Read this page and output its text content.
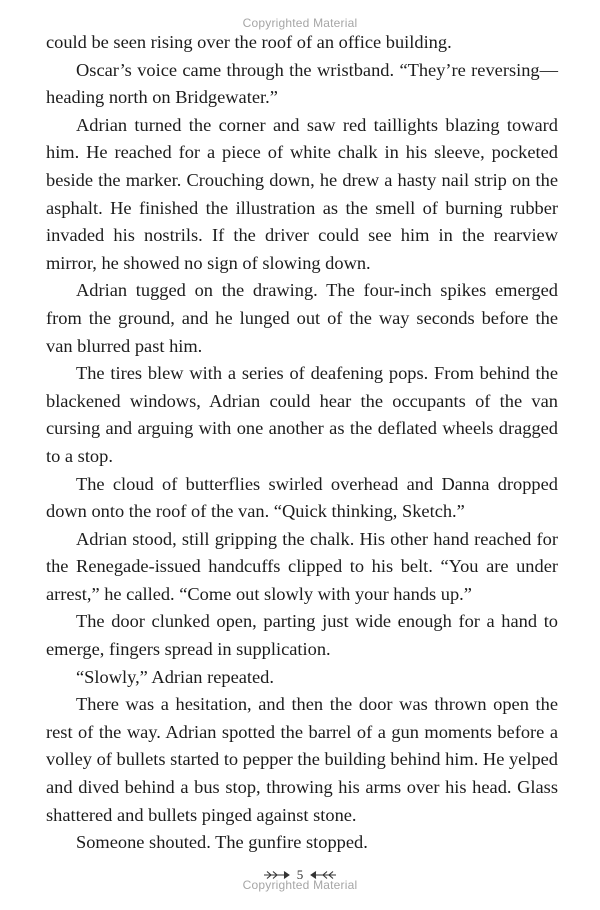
Copyrighted Material

could be seen rising over the roof of an office building.

Oscar’s voice came through the wristband. “They’re reversing—heading north on Bridgewater.”

Adrian turned the corner and saw red taillights blazing toward him. He reached for a piece of white chalk in his sleeve, pocketed beside the marker. Crouching down, he drew a hasty nail strip on the asphalt. He finished the illustration as the smell of burning rubber invaded his nostrils. If the driver could see him in the rearview mirror, he showed no sign of slowing down.

Adrian tugged on the drawing. The four-inch spikes emerged from the ground, and he lunged out of the way seconds before the van blurred past him.

The tires blew with a series of deafening pops. From behind the blackened windows, Adrian could hear the occupants of the van cursing and arguing with one another as the deflated wheels dragged to a stop.

The cloud of butterflies swirled overhead and Danna dropped down onto the roof of the van. “Quick thinking, Sketch.”

Adrian stood, still gripping the chalk. His other hand reached for the Renegade-issued handcuffs clipped to his belt. “You are under arrest,” he called. “Come out slowly with your hands up.”

The door clunked open, parting just wide enough for a hand to emerge, fingers spread in supplication.

“Slowly,” Adrian repeated.

There was a hesitation, and then the door was thrown open the rest of the way. Adrian spotted the barrel of a gun moments before a volley of bullets started to pepper the building behind him. He yelped and dived behind a bus stop, throwing his arms over his head. Glass shattered and bullets pinged against stone.

Someone shouted. The gunfire stopped.

5
Copyrighted Material
